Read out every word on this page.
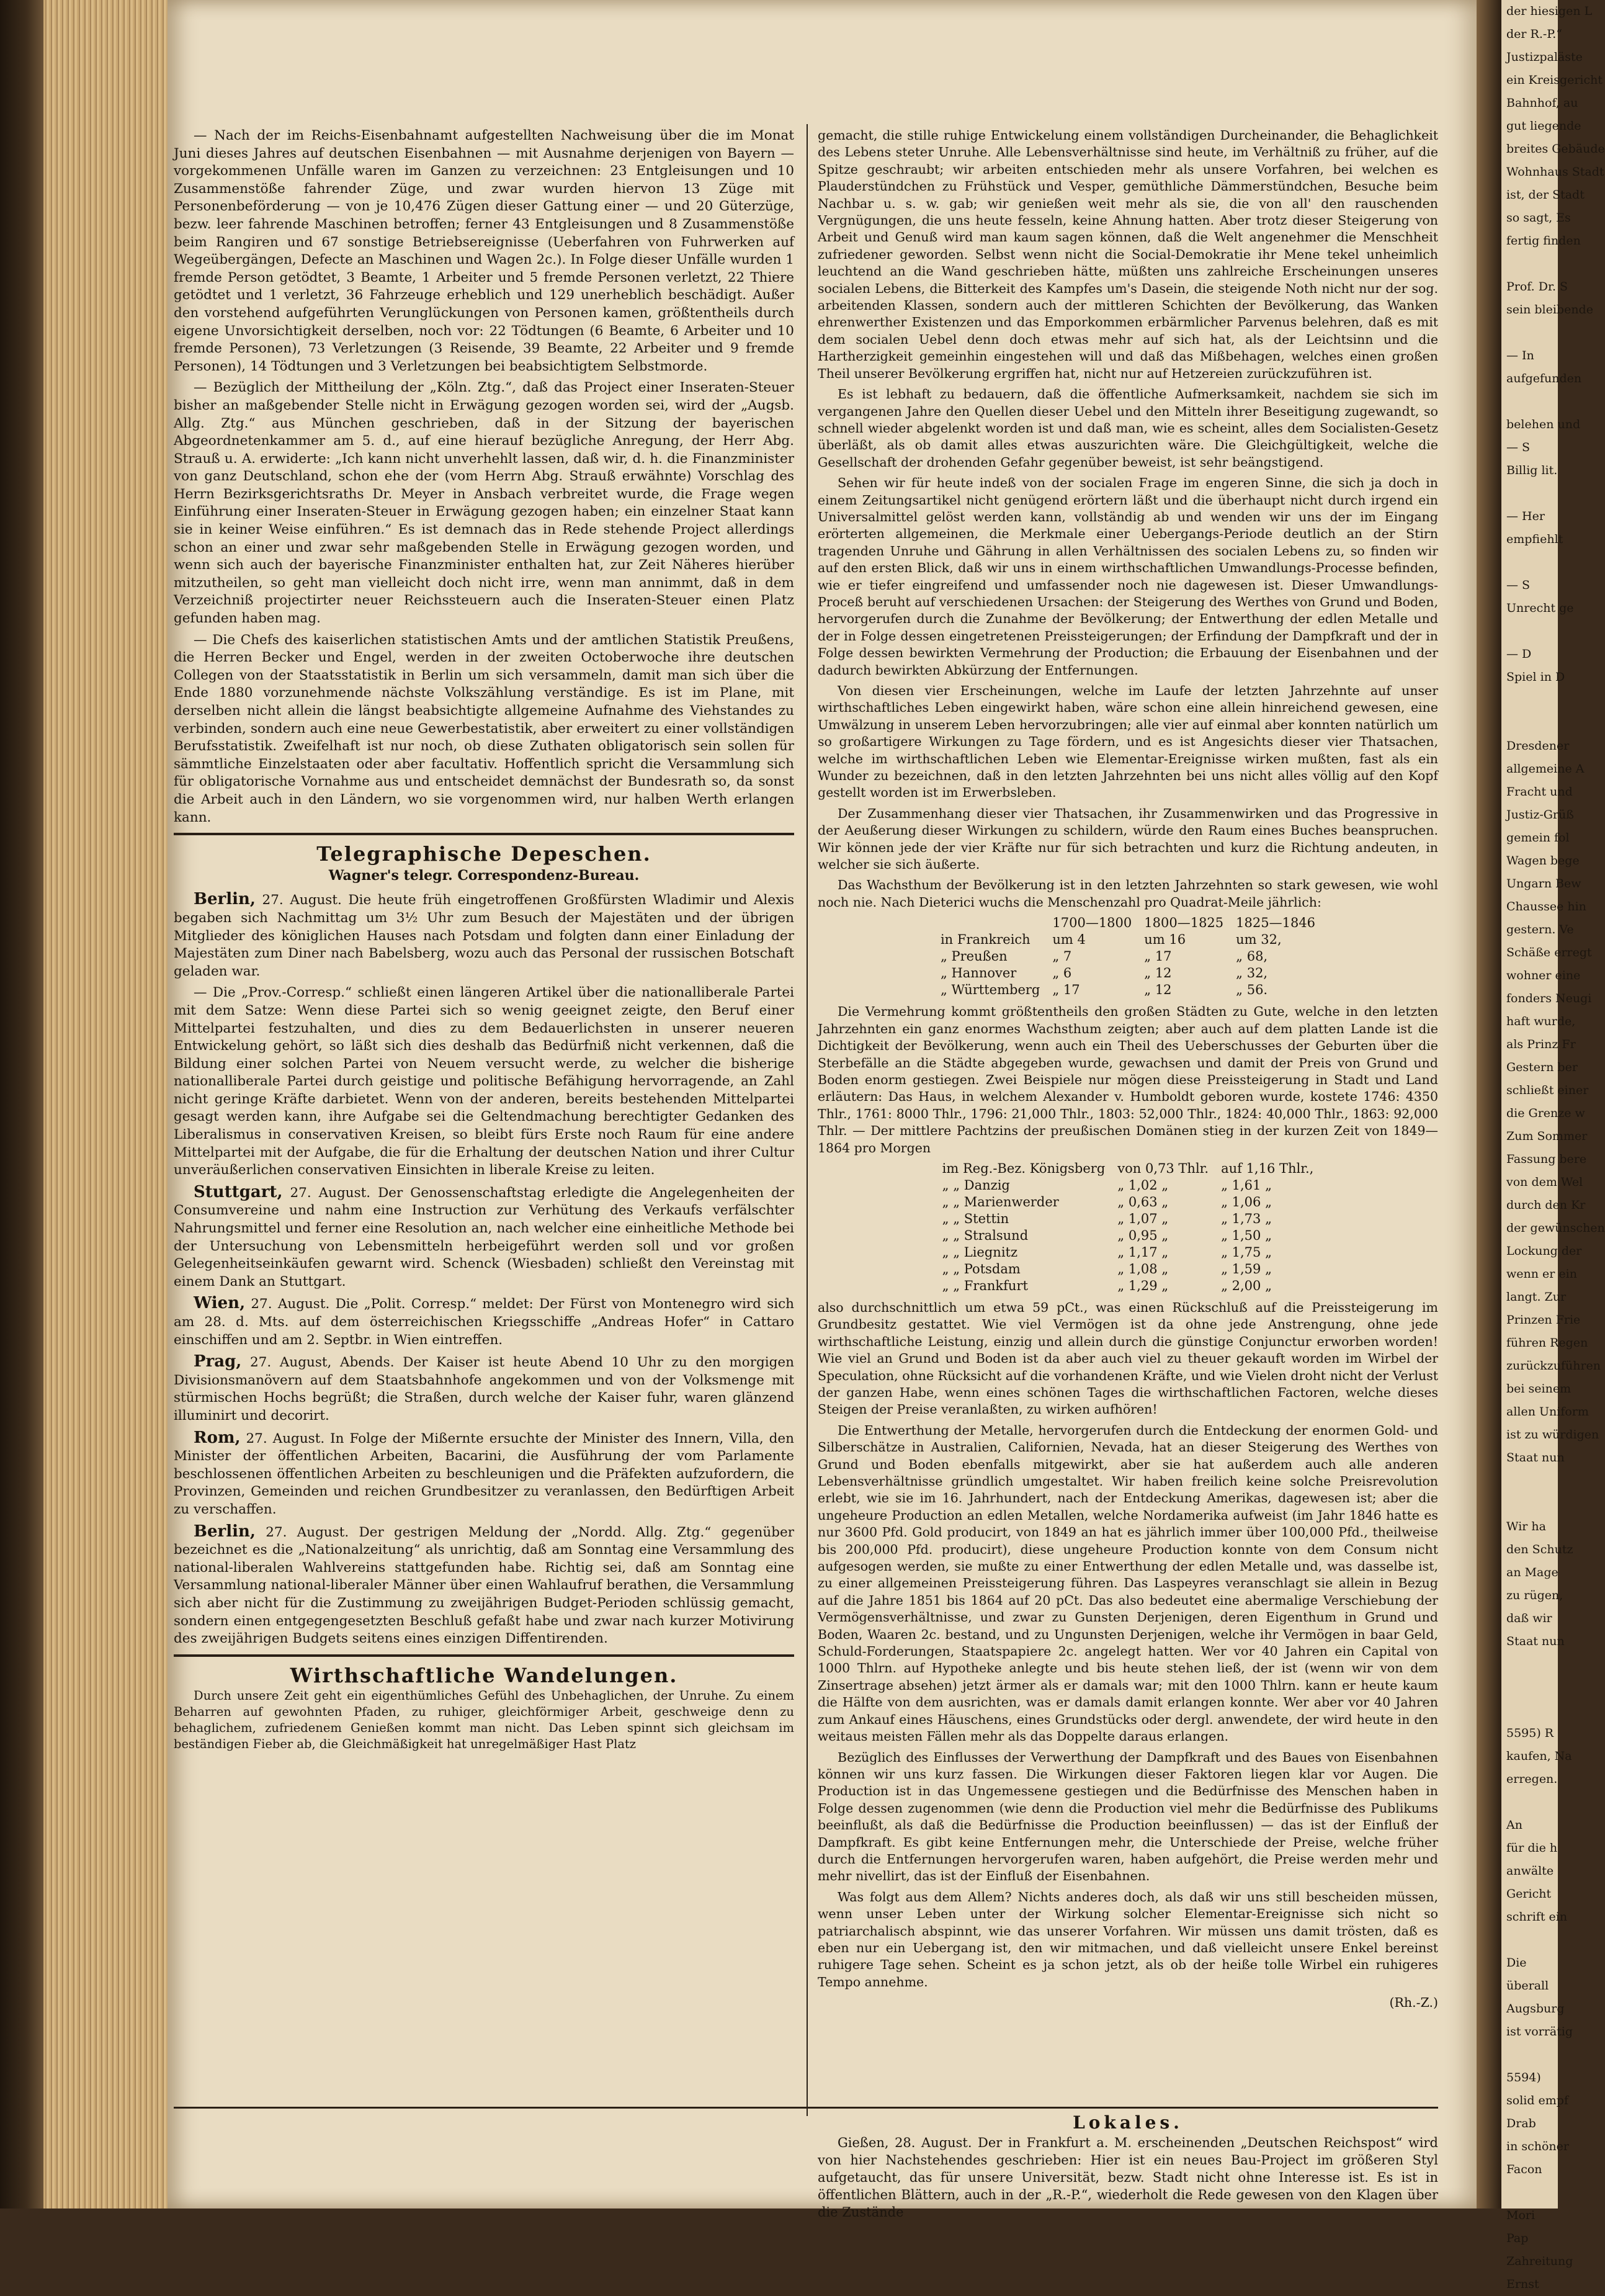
— Nach der im Reichs-Eisenbahnamt aufgestellten Nachweisung über die im Monat Juni dieses Jahres auf deutschen Eisenbahnen — mit Ausnahme derjenigen von Bayern — vorgekommenen Unfälle waren im Ganzen zu verzeichnen: 23 Entgleisungen und 10 Zusammenstöße fahrender Züge, und zwar wurden hiervon 13 Züge mit Personenbeförderung — von je 10,476 Zügen dieser Gattung einer — und 20 Güterzüge, bezw. leer fahrende Maschinen betroffen; ferner 43 Entgleisungen und 8 Zusammenstöße beim Rangiren und 67 sonstige Betriebsereignisse (Ueberfahren von Fuhrwerken auf Wegeübergängen, Defecte an Maschinen und Wagen 2c.). In Folge dieser Unfälle wurden 1 fremde Person getödtet, 3 Beamte, 1 Arbeiter und 5 fremde Personen verletzt, 22 Thiere getödtet und 1 verletzt, 36 Fahrzeuge erheblich und 129 unerheblich beschädigt. Außer den vorstehend aufgeführten Verunglückungen von Personen kamen, größtentheils durch eigene Unvorsichtigkeit derselben, noch vor: 22 Tödtungen (6 Beamte, 6 Arbeiter und 10 fremde Personen), 73 Verletzungen (3 Reisende, 39 Beamte, 22 Arbeiter und 9 fremde Personen), 14 Tödtungen und 3 Verletzungen bei beabsichtigtem Selbstmorde.

— Bezüglich der Mittheilung der „Köln. Ztg.“, daß das Project einer Inseraten-Steuer bisher an maßgebender Stelle nicht in Erwägung gezogen worden sei, wird der „Augsb. Allg. Ztg.“ aus München geschrieben, daß in der Sitzung der bayerischen Abgeordnetenkammer am 5. d., auf eine hierauf bezügliche Anregung, der Herr Abg. Strauß u. A. erwiderte: „Ich kann nicht unverhehlt lassen, daß wir, d. h. die Finanzminister von ganz Deutschland, schon ehe der (vom Herrn Abg. Strauß erwähnte) Vorschlag des Herrn Bezirksgerichtsraths Dr. Meyer in Ansbach verbreitet wurde, die Frage wegen Einführung einer Inseraten-Steuer in Erwägung gezogen haben; ein einzelner Staat kann sie in keiner Weise einführen.“ Es ist demnach das in Rede stehende Project allerdings schon an einer und zwar sehr maßgebenden Stelle in Erwägung gezogen worden, und wenn sich auch der bayerische Finanzminister enthalten hat, zur Zeit Näheres hierüber mitzutheilen, so geht man vielleicht doch nicht irre, wenn man annimmt, daß in dem Verzeichniß projectirter neuer Reichssteuern auch die Inseraten-Steuer einen Platz gefunden haben mag.

— Die Chefs des kaiserlichen statistischen Amts und der amtlichen Statistik Preußens, die Herren Becker und Engel, werden in der zweiten Octoberwoche ihre deutschen Collegen von der Staatsstatistik in Berlin um sich versammeln, damit man sich über die Ende 1880 vorzunehmende nächste Volkszählung verständige. Es ist im Plane, mit derselben nicht allein die längst beabsichtigte allgemeine Aufnahme des Viehstandes zu verbinden, sondern auch eine neue Gewerbestatistik, aber erweitert zu einer vollständigen Berufsstatistik. Zweifelhaft ist nur noch, ob diese Zuthaten obligatorisch sein sollen für sämmtliche Einzelstaaten oder aber facultativ. Hoffentlich spricht die Versammlung sich für obligatorische Vornahme aus und entscheidet demnächst der Bundesrath so, da sonst die Arbeit auch in den Ländern, wo sie vorgenommen wird, nur halben Werth erlangen kann.

Telegraphische Depeschen.
Wagner's telegr. Correspondenz-Bureau.

Berlin, 27. August. Die heute früh eingetroffenen Großfürsten Wladimir und Alexis begaben sich Nachmittag um 3½ Uhr zum Besuch der Majestäten und der übrigen Mitglieder des königlichen Hauses nach Potsdam und folgten dann einer Einladung der Majestäten zum Diner nach Babelsberg, wozu auch das Personal der russischen Botschaft geladen war.

— Die „Prov.-Corresp.“ schließt einen längeren Artikel über die nationalliberale Partei mit dem Satze: Wenn diese Partei sich so wenig geeignet zeigte, den Beruf einer Mittelpartei festzuhalten, und dies zu dem Bedauerlichsten in unserer neueren Entwickelung gehört, so läßt sich dies deshalb das Bedürfniß nicht verkennen, daß die Bildung einer solchen Partei von Neuem versucht werde, zu welcher die bisherige nationalliberale Partei durch geistige und politische Befähigung hervorragende, an Zahl nicht geringe Kräfte darbietet. Wenn von der anderen, bereits bestehenden Mittelpartei gesagt werden kann, ihre Aufgabe sei die Geltendmachung berechtigter Gedanken des Liberalismus in conservativen Kreisen, so bleibt fürs Erste noch Raum für eine andere Mittelpartei mit der Aufgabe, die für die Erhaltung der deutschen Nation und ihrer Cultur unveräußerlichen conservativen Einsichten in liberale Kreise zu leiten.

Stuttgart, 27. August. Der Genossenschaftstag erledigte die Angelegenheiten der Consumvereine und nahm eine Instruction zur Verhütung des Verkaufs verfälschter Nahrungsmittel und ferner eine Resolution an, nach welcher eine einheitliche Methode bei der Untersuchung von Lebensmitteln herbeigeführt werden soll und vor großen Gelegenheitseinkäufen gewarnt wird. Schenck (Wiesbaden) schließt den Vereinstag mit einem Dank an Stuttgart.

Wien, 27. August. Die „Polit. Corresp.“ meldet: Der Fürst von Montenegro wird sich am 28. d. Mts. auf dem österreichischen Kriegsschiffe „Andreas Hofer“ in Cattaro einschiffen und am 2. Septbr. in Wien eintreffen.

Prag, 27. August, Abends. Der Kaiser ist heute Abend 10 Uhr zu den morgigen Divisionsmanövern auf dem Staatsbahnhofe angekommen und von der Volksmenge mit stürmischen Hochs begrüßt; die Straßen, durch welche der Kaiser fuhr, waren glänzend illuminirt und decorirt.

Rom, 27. August. In Folge der Mißernte ersuchte der Minister des Innern, Villa, den Minister der öffentlichen Arbeiten, Bacarini, die Ausführung der vom Parlamente beschlossenen öffentlichen Arbeiten zu beschleunigen und die Präfekten aufzufordern, die Provinzen, Gemeinden und reichen Grundbesitzer zu veranlassen, den Bedürftigen Arbeit zu verschaffen.

Berlin, 27. August. Der gestrigen Meldung der „Nordd. Allg. Ztg.“ gegenüber bezeichnet es die „Nationalzeitung“ als unrichtig, daß am Sonntag eine Versammlung des national-liberalen Wahlvereins stattgefunden habe. Richtig sei, daß am Sonntag eine Versammlung national-liberaler Männer über einen Wahlaufruf berathen, die Versammlung sich aber nicht für die Zustimmung zu zweijährigen Budget-Perioden schlüssig gemacht, sondern einen entgegengesetzten Beschluß gefaßt habe und zwar nach kurzer Motivirung des zweijährigen Budgets seitens eines einzigen Diffentirenden.

Wirthschaftliche Wandelungen.

Durch unsere Zeit geht ein eigenthümliches Gefühl des Unbehaglichen, der Unruhe. Zu einem Beharren auf gewohnten Pfaden, zu ruhiger, gleichförmiger Arbeit, geschweige denn zu behaglichem, zufriedenem Genießen kommt man nicht. Das Leben spinnt sich gleichsam im beständigen Fieber ab, die Gleichmäßigkeit hat unregelmäßiger Hast Platz

gemacht, die stille ruhige Entwickelung einem vollständigen Durcheinander, die Behaglichkeit des Lebens steter Unruhe. Alle Lebensverhältnisse sind heute, im Verhältniß zu früher, auf die Spitze geschraubt; wir arbeiten entschieden mehr als unsere Vorfahren, bei welchen es Plauderstündchen zu Frühstück und Vesper, gemüthliche Dämmerstündchen, Besuche beim Nachbar u. s. w. gab; wir genießen weit mehr als sie, die von all' den rauschenden Vergnügungen, die uns heute fesseln, keine Ahnung hatten. Aber trotz dieser Steigerung von Arbeit und Genuß wird man kaum sagen können, daß die Welt angenehmer die Menschheit zufriedener geworden. Selbst wenn nicht die Social-Demokratie ihr Mene tekel unheimlich leuchtend an die Wand geschrieben hätte, müßten uns zahlreiche Erscheinungen unseres socialen Lebens, die Bitterkeit des Kampfes um's Dasein, die steigende Noth nicht nur der sog. arbeitenden Klassen, sondern auch der mittleren Schichten der Bevölkerung, das Wanken ehrenwerther Existenzen und das Emporkommen erbärmlicher Parvenus belehren, daß es mit dem socialen Uebel denn doch etwas mehr auf sich hat, als der Leichtsinn und die Hartherzigkeit gemeinhin eingestehen will und daß das Mißbehagen, welches einen großen Theil unserer Bevölkerung ergriffen hat, nicht nur auf Hetzereien zurückzuführen ist.

Es ist lebhaft zu bedauern, daß die öffentliche Aufmerksamkeit, nachdem sie sich im vergangenen Jahre den Quellen dieser Uebel und den Mitteln ihrer Beseitigung zugewandt, so schnell wieder abgelenkt worden ist und daß man, wie es scheint, alles dem Socialisten-Gesetz überläßt, als ob damit alles etwas auszurichten wäre. Die Gleichgültigkeit, welche die Gesellschaft der drohenden Gefahr gegenüber beweist, ist sehr beängstigend.

Sehen wir für heute indeß von der socialen Frage im engeren Sinne, die sich ja doch in einem Zeitungsartikel nicht genügend erörtern läßt und die überhaupt nicht durch irgend ein Universalmittel gelöst werden kann, vollständig ab und wenden wir uns der im Eingang erörterten allgemeinen, die Merkmale einer Uebergangs-Periode deutlich an der Stirn tragenden Unruhe und Gährung in allen Verhältnissen des socialen Lebens zu, so finden wir auf den ersten Blick, daß wir uns in einem wirthschaftlichen Umwandlungs-Processe befinden, wie er tiefer eingreifend und umfassender noch nie dagewesen ist. Dieser Umwandlungs-Proceß beruht auf verschiedenen Ursachen: der Steigerung des Werthes von Grund und Boden, hervorgerufen durch die Zunahme der Bevölkerung; der Entwerthung der edlen Metalle und der in Folge dessen eingetretenen Preissteigerungen; der Erfindung der Dampfkraft und der in Folge dessen bewirkten Vermehrung der Production; die Erbauung der Eisenbahnen und der dadurch bewirkten Abkürzung der Entfernungen.

Von diesen vier Erscheinungen, welche im Laufe der letzten Jahrzehnte auf unser wirthschaftliches Leben eingewirkt haben, wäre schon eine allein hinreichend gewesen, eine Umwälzung in unserem Leben hervorzubringen; alle vier auf einmal aber konnten natürlich um so großartigere Wirkungen zu Tage fördern, und es ist Angesichts dieser vier Thatsachen, welche im wirthschaftlichen Leben wie Elementar-Ereignisse wirken mußten, fast als ein Wunder zu bezeichnen, daß in den letzten Jahrzehnten bei uns nicht alles völlig auf den Kopf gestellt worden ist im Erwerbsleben.

Der Zusammenhang dieser vier Thatsachen, ihr Zusammenwirken und das Progressive in der Aeußerung dieser Wirkungen zu schildern, würde den Raum eines Buches beanspruchen. Wir können jede der vier Kräfte nur für sich betrachten und kurz die Richtung andeuten, in welcher sie sich äußerte.

Das Wachsthum der Bevölkerung ist in den letzten Jahrzehnten so stark gewesen, wie wohl noch nie. Nach Dieterici wuchs die Menschenzahl pro Quadrat-Meile jährlich:

	1700—1800	1800—1825	1825—1846
in Frankreich	um 4	um 16	um 32,
„ Preußen	„ 7	„ 17	„ 68,
„ Hannover	„ 6	„ 12	„ 32,
„ Württemberg	„ 17	„ 12	„ 56.

Die Vermehrung kommt größtentheils den großen Städten zu Gute, welche in den letzten Jahrzehnten ein ganz enormes Wachsthum zeigten; aber auch auf dem platten Lande ist die Dichtigkeit der Bevölkerung, wenn auch ein Theil des Ueberschusses der Geburten über die Sterbefälle an die Städte abgegeben wurde, gewachsen und damit der Preis von Grund und Boden enorm gestiegen. Zwei Beispiele nur mögen diese Preissteigerung in Stadt und Land erläutern: Das Haus, in welchem Alexander v. Humboldt geboren wurde, kostete 1746: 4350 Thlr., 1761: 8000 Thlr., 1796: 21,000 Thlr., 1803: 52,000 Thlr., 1824: 40,000 Thlr., 1863: 92,000 Thlr. — Der mittlere Pachtzins der preußischen Domänen stieg in der kurzen Zeit von 1849—1864 pro Morgen

im Reg.-Bez. Königsberg	von 0,73 Thlr.	auf 1,16 Thlr.,
„ „ Danzig	„ 1,02 „	„ 1,61 „
„ „ Marienwerder	„ 0,63 „	„ 1,06 „
„ „ Stettin	„ 1,07 „	„ 1,73 „
„ „ Stralsund	„ 0,95 „	„ 1,50 „
„ „ Liegnitz	„ 1,17 „	„ 1,75 „
„ „ Potsdam	„ 1,08 „	„ 1,59 „
„ „ Frankfurt	„ 1,29 „	„ 2,00 „

also durchschnittlich um etwa 59 pCt., was einen Rückschluß auf die Preissteigerung im Grundbesitz gestattet. Wie viel Vermögen ist da ohne jede Anstrengung, ohne jede wirthschaftliche Leistung, einzig und allein durch die günstige Conjunctur erworben worden! Wie viel an Grund und Boden ist da aber auch viel zu theuer gekauft worden im Wirbel der Speculation, ohne Rücksicht auf die vorhandenen Kräfte, und wie Vielen droht nicht der Verlust der ganzen Habe, wenn eines schönen Tages die wirthschaftlichen Factoren, welche dieses Steigen der Preise veranlaßten, zu wirken aufhören!

Die Entwerthung der Metalle, hervorgerufen durch die Entdeckung der enormen Gold- und Silberschätze in Australien, Californien, Nevada, hat an dieser Steigerung des Werthes von Grund und Boden ebenfalls mitgewirkt, aber sie hat außerdem auch alle anderen Lebensverhältnisse gründlich umgestaltet. Wir haben freilich keine solche Preisrevolution erlebt, wie sie im 16. Jahrhundert, nach der Entdeckung Amerikas, dagewesen ist; aber die ungeheure Production an edlen Metallen, welche Nordamerika aufweist (im Jahr 1846 hatte es nur 3600 Pfd. Gold producirt, von 1849 an hat es jährlich immer über 100,000 Pfd., theilweise bis 200,000 Pfd. producirt), diese ungeheure Production konnte von dem Consum nicht aufgesogen werden, sie mußte zu einer Entwerthung der edlen Metalle und, was dasselbe ist, zu einer allgemeinen Preissteigerung führen. Das Laspeyres veranschlagt sie allein in Bezug auf die Jahre 1851 bis 1864 auf 20 pCt. Das also bedeutet eine abermalige Verschiebung der Vermögensverhältnisse, und zwar zu Gunsten Derjenigen, deren Eigenthum in Grund und Boden, Waaren 2c. bestand, und zu Ungunsten Derjenigen, welche ihr Vermögen in baar Geld, Schuld-Forderungen, Staatspapiere 2c. angelegt hatten. Wer vor 40 Jahren ein Capital von 1000 Thlrn. auf Hypotheke anlegte und bis heute stehen ließ, der ist (wenn wir von dem Zinsertrage absehen) jetzt ärmer als er damals war; mit den 1000 Thlrn. kann er heute kaum die Hälfte von dem ausrichten, was er damals damit erlangen konnte. Wer aber vor 40 Jahren zum Ankauf eines Häuschens, eines Grundstücks oder dergl. anwendete, der wird heute in den weitaus meisten Fällen mehr als das Doppelte daraus erlangen.

Bezüglich des Einflusses der Verwerthung der Dampfkraft und des Baues von Eisenbahnen können wir uns kurz fassen. Die Wirkungen dieser Faktoren liegen klar vor Augen. Die Production ist in das Ungemessene gestiegen und die Bedürfnisse des Menschen haben in Folge dessen zugenommen (wie denn die Production viel mehr die Bedürfnisse des Publikums beeinflußt, als daß die Bedürfnisse die Production beeinflussen) — das ist der Einfluß der Dampfkraft. Es gibt keine Entfernungen mehr, die Unterschiede der Preise, welche früher durch die Entfernungen hervorgerufen waren, haben aufgehört, die Preise werden mehr und mehr nivellirt, das ist der Einfluß der Eisenbahnen.

Was folgt aus dem Allem? Nichts anderes doch, als daß wir uns still bescheiden müssen, wenn unser Leben unter der Wirkung solcher Elementar-Ereignisse sich nicht so patriarchalisch abspinnt, wie das unserer Vorfahren. Wir müssen uns damit trösten, daß es eben nur ein Uebergang ist, den wir mitmachen, und daß vielleicht unsere Enkel bereinst ruhigere Tage sehen. Scheint es ja schon jetzt, als ob der heiße tolle Wirbel ein ruhigeres Tempo annehme.

(Rh.-Z.)
Lokales.

Gießen, 28. August. Der in Frankfurt a. M. erscheinenden „Deutschen Reichspost“ wird von hier Nachstehendes geschrieben: Hier ist ein neues Bau-Project im größeren Styl aufgetaucht, das für unsere Universität, bezw. Stadt nicht ohne Interesse ist. Es ist in öffentlichen Blättern, auch in der „R.-P.“, wiederholt die Rede gewesen von den Klagen über die Zustände

der hiesigen L
der R.-P.“
Justizpaläste
ein Kreisgericht
Bahnhof, au
gut liegende
breites Gebäude
Wohnhaus Stadt
ist, der Stadt
so sagt, Es
fertig finden

Prof. Dr. S
sein bleibende

— In
aufgefunden

belehen und
— S
Billig lit.

— Her
empfiehlt

— S
Unrecht ge

— D
Spiel in D

Dresdener
allgemeine A
Fracht und
Justiz-Grüß
gemein fol
Wagen bege
Ungarn Bew
Chaussee hin
gestern. Ve
Schäße erregt
wohner eine
fonders Neugi
haft wurde,
als Prinz Fr
Gestern ber
schließt einer
die Grenze w
Zum Sommer
Fassung bere
von dem Wel
durch den Kr
der gewünschen
Lockung der
wenn er ein
langt. Zur
Prinzen Frie
führen Regen
zurückzuführen
bei seinem
allen Uniform
ist zu würdigen
Staat nun

Wir ha
den Schutz
an Mage
zu rügen,
daß wir
Staat nun

5595) R
kaufen, Na
erregen.

An
für die h
anwälte
Gericht
schrift ein

Die
überall
Augsburg
ist vorrätig

5594)
solid empf
Drab
in schöner
Facon

Mori
Pap
Zahreitung
Ernst
